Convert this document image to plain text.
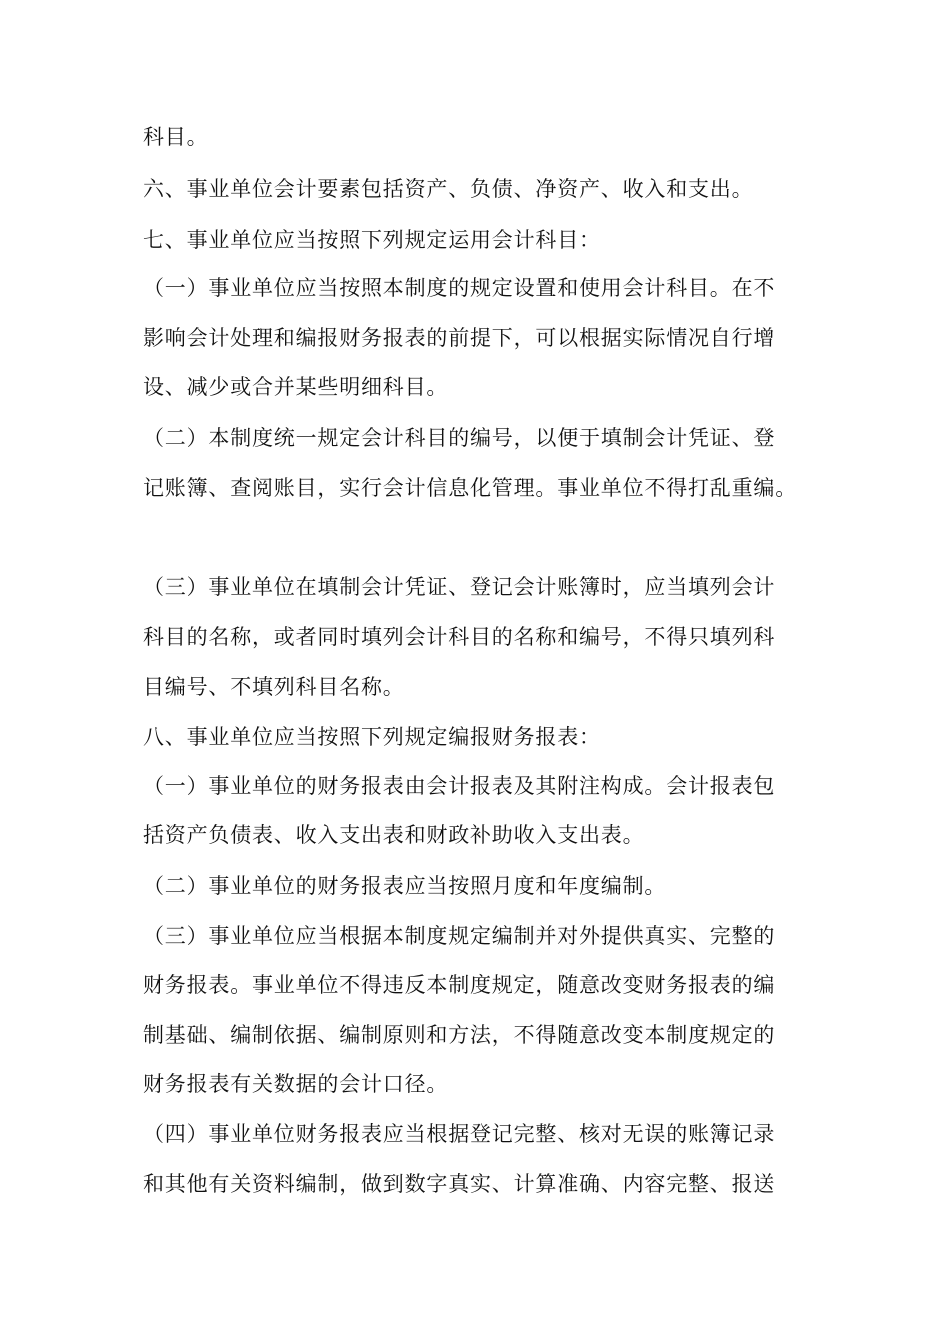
科目。

六、事业单位会计要素包括资产、负债、净资产、收入和支出。

七、事业单位应当按照下列规定运用会计科目：

（一）事业单位应当按照本制度的规定设置和使用会计科目。在不

影响会计处理和编报财务报表的前提下，可以根据实际情况自行增

设、减少或合并某些明细科目。

（二）本制度统一规定会计科目的编号，以便于填制会计凭证、登

记账簿、查阅账目，实行会计信息化管理。事业单位不得打乱重编。

（三）事业单位在填制会计凭证、登记会计账簿时，应当填列会计

科目的名称，或者同时填列会计科目的名称和编号，不得只填列科

目编号、不填列科目名称。

八、事业单位应当按照下列规定编报财务报表：

（一）事业单位的财务报表由会计报表及其附注构成。会计报表包

括资产负债表、收入支出表和财政补助收入支出表。

（二）事业单位的财务报表应当按照月度和年度编制。

（三）事业单位应当根据本制度规定编制并对外提供真实、完整的

财务报表。事业单位不得违反本制度规定，随意改变财务报表的编

制基础、编制依据、编制原则和方法，不得随意改变本制度规定的

财务报表有关数据的会计口径。

（四）事业单位财务报表应当根据登记完整、核对无误的账簿记录

和其他有关资料编制，做到数字真实、计算准确、内容完整、报送
